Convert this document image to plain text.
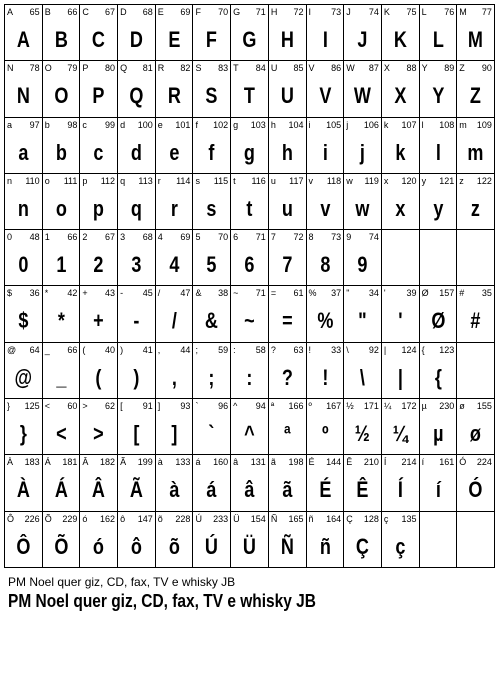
A 65
A
B 66
B
C 67
C
D 68
D
E 69
E
F 70
F
G 71
G
H 72
H
I 73
I
J 74
J
K 75
K
L 76
L
M 77
M
N 78
N
O 79
O
P 80
P
Q 81
Q
R 82
R
S 83
S
T 84
T
U 85
U
V 86
V
W 87
W
X 88
X
Y 89
Y
Z 90
Z
a 97
a
b 98
b
c 99
c
d 100
d
e 101
e
f 102
f
g 103
g
h 104
h
i 105
i
j 106
j
k 107
k
l 108
l
m 109
m
n 110
n
o 111
o
p 112
p
q 113
q
r 114
r
s 115
s
t 116
t
u 117
u
v 118
v
w 119
w
x 120
x
y 121
y
z 122
z
0 48
0
1 66
1
2 67
2
3 68
3
4 69
4
5 70
5
6 71
6
7 72
7
8 73
8
9 74
9
$ 36
$
* 42
*
+ 43
+
- 45
-
/ 47
/
& 38
&
~ 71
~
= 61
=
% 37
%
" 34
"
' 39
'
Ø 157
Ø
# 35
#
@ 64
@
_ 66
_
( 40
(
) 41
)
, 44
,
; 59
;
: 58
:
? 63
?
! 33
!
\ 92
\
| 124
|
{ 123
{
} 125
}
< 60
<
> 62
>
[ 91
[
] 93
]
` 96
`
^ 94
^
ª 166
ª
º 167
º
½ 171
½
¼ 172
¼
µ 230
µ
ø 155
ø
À 183
À
Á 181
Á
Â 182
Â
Ã 199
Ã
à 133
à
á 160
á
â 131
â
ã 198
ã
É 144
É
Ê 210
Ê
Í 214
Í
í 161
í
Ó 224
Ó
Ô 226
Ô
Õ 229
Õ
ó 162
ó
ô 147
ô
õ 228
õ
Ú 233
Ú
Ü 154
Ü
Ñ 165
Ñ
ñ 164
ñ
Ç 128
Ç
ç 135
ç
PM Noel quer giz, CD, fax, TV e whisky JB
PM Noel quer giz, CD, fax, TV e whisky JB
